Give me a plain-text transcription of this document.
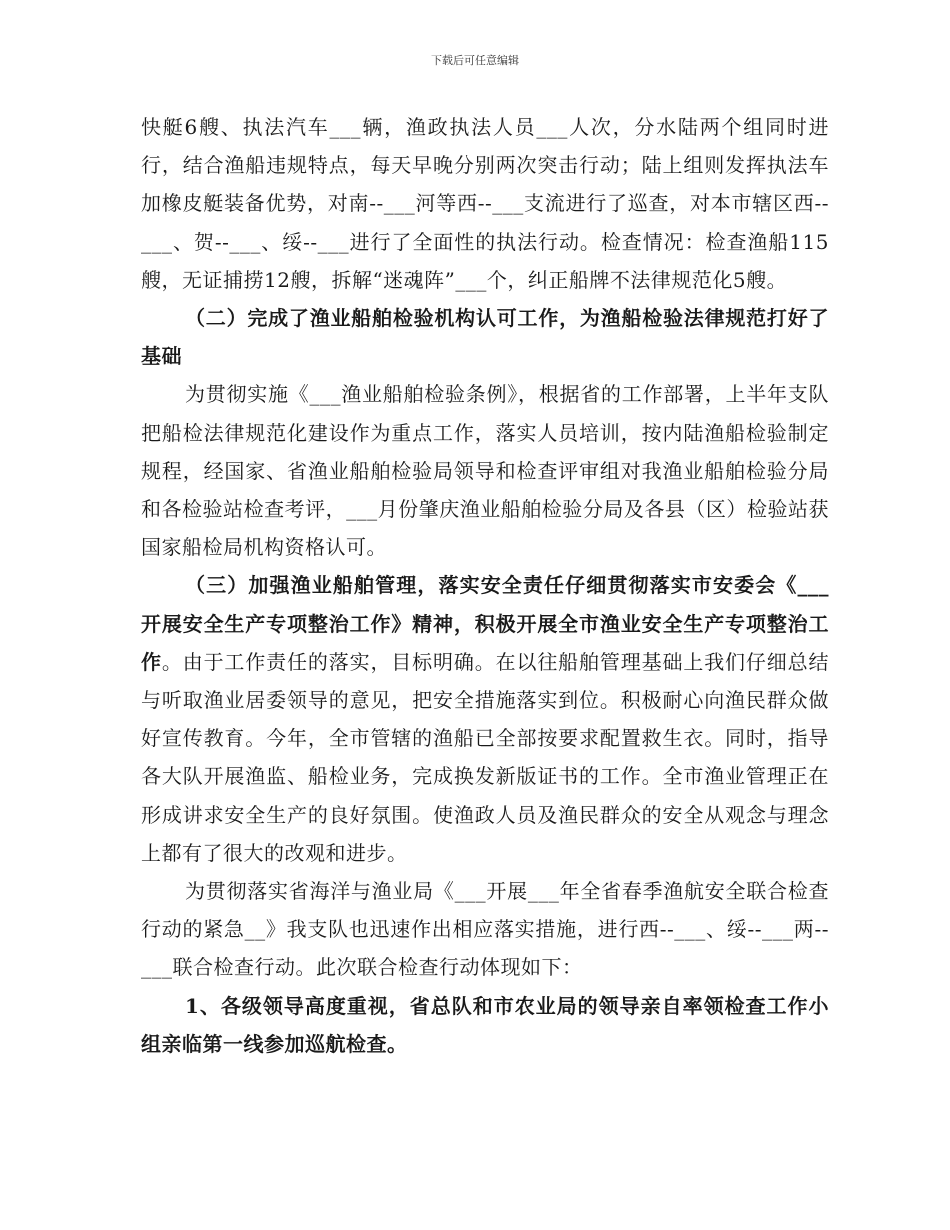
下载后可任意编辑

快艇6艘、执法汽车___辆，渔政执法人员___人次，分水陆两个组同时进行，结合渔船违规特点，每天早晚分别两次突击行动；陆上组则发挥执法车加橡皮艇装备优势，对南--___河等西--___支流进行了巡查，对本市辖区西--___、贺--___、绥--___进行了全面性的执法行动。检查情况：检查渔船115艘，无证捕捞12艘，拆解“迷魂阵”___个，纠正船牌不法律规范化5艘。

（二）完成了渔业船舶检验机构认可工作，为渔船检验法律规范打好了基础

为贯彻实施《___渔业船舶检验条例》，根据省的工作部署，上半年支队把船检法律规范化建设作为重点工作，落实人员培训，按内陆渔船检验制定规程，经国家、省渔业船舶检验局领导和检查评审组对我渔业船舶检验分局和各检验站检查考评，___月份肇庆渔业船舶检验分局及各县（区）检验站获国家船检局机构资格认可。

（三）加强渔业船舶管理，落实安全责任仔细贯彻落实市安委会《___开展安全生产专项整治工作》精神，积极开展全市渔业安全生产专项整治工作。由于工作责任的落实，目标明确。在以往船舶管理基础上我们仔细总结与听取渔业居委领导的意见，把安全措施落实到位。积极耐心向渔民群众做好宣传教育。今年，全市管辖的渔船已全部按要求配置救生衣。同时，指导各大队开展渔监、船检业务，完成换发新版证书的工作。全市渔业管理正在形成讲求安全生产的良好氛围。使渔政人员及渔民群众的安全从观念与理念上都有了很大的改观和进步。

为贯彻落实省海洋与渔业局《___开展___年全省春季渔航安全联合检查行动的紧急__》我支队也迅速作出相应落实措施，进行西--___、绥--___两--___联合检查行动。此次联合检查行动体现如下：

1、各级领导高度重视，省总队和市农业局的领导亲自率领检查工作小组亲临第一线参加巡航检查。
